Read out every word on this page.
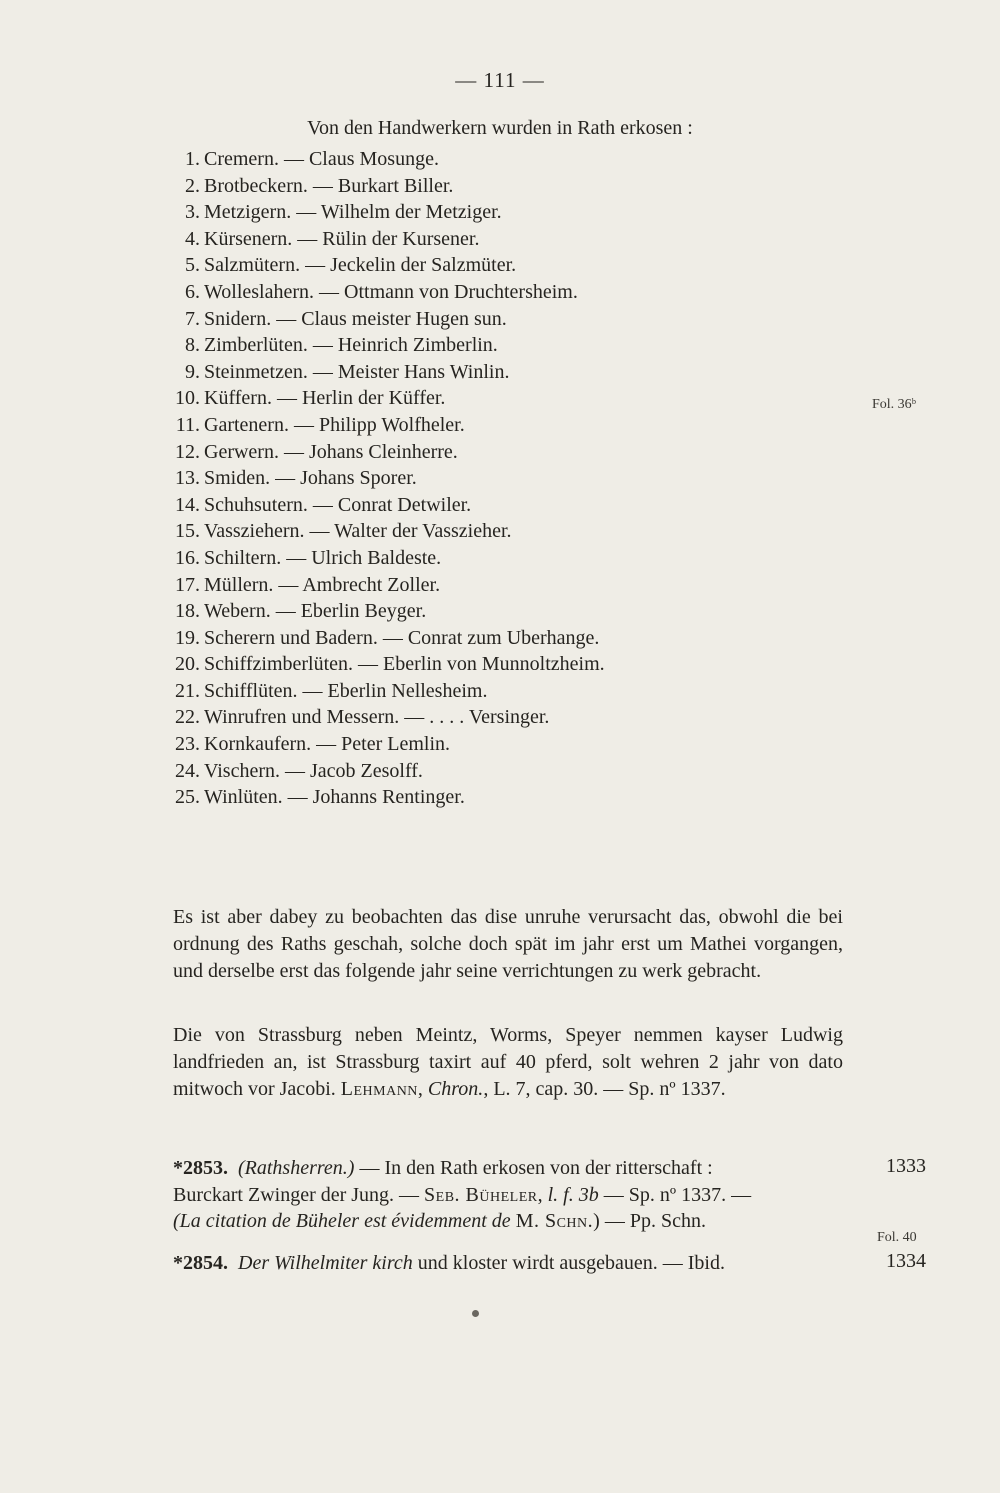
— 111 —
Von den Handwerkern wurden in Rath erkosen :
1. Cremern. — Claus Mosunge.
2. Brotbeckern. — Burkart Biller.
3. Metzigern. — Wilhelm der Metziger.
4. Kürsenern. — Rülin der Kursener.
5. Salzmütern. — Jeckelin der Salzmüter.
6. Wolleslahern. — Ottmann von Druchtersheim.
7. Snidern. — Claus meister Hugen sun.
8. Zimberlüten. — Heinrich Zimberlin.
9. Steinmetzen. — Meister Hans Winlin.
10. Küffern. — Herlin der Küffer.
11. Gartenern. — Philipp Wolfheler.
12. Gerwern. — Johans Cleinherre.
13. Smiden. — Johans Sporer.
14. Schuhsutern. — Conrat Detwiler.
15. Vassziehern. — Walter der Vasszieher.
16. Schiltern. — Ulrich Baldeste.
17. Müllern. — Ambrecht Zoller.
18. Webern. — Eberlin Beyger.
19. Scherern und Badern. — Conrat zum Uberhange.
20. Schiffzimberlüten. — Eberlin von Munnoltzheim.
21. Schifflüten. — Eberlin Nellesheim.
22. Winrufren und Messern. — . . . . Versinger.
23. Kornkaufern. — Peter Lemlin.
24. Vischern. — Jacob Zesolff.
25. Winlüten. — Johanns Rentinger.
Es ist aber dabey zu beobachten das dise unruhe verursacht das, obwohl die bei ordnung des Raths geschah, solche doch spät im jahr erst um Mathei vorgangen, und derselbe erst das folgende jahr seine verrichtungen zu werk gebracht.
Die von Strassburg neben Meintz, Worms, Speyer nemmen kayser Ludwig landfrieden an, ist Strassburg taxirt auf 40 pferd, solt wehren 2 jahr von dato mitwoch vor Jacobi. Lehmann, Chron., L. 7, cap. 30. — Sp. nº 1337.
*2853. (Rathsherren.) — In den Rath erkosen von der ritterschaft :
Burckart Zwinger der Jung. — Seb. Büheler, l. f. 3b — Sp. nº 1337. —
(La citation de Büheler est évidemment de M. Schn.) — Pp. Schn.
*2854. Der Wilhelmiter kirch und kloster wirdt ausgebauen. — Ibid.
Fol. 36ᵇ
1333
Fol. 40
1334
